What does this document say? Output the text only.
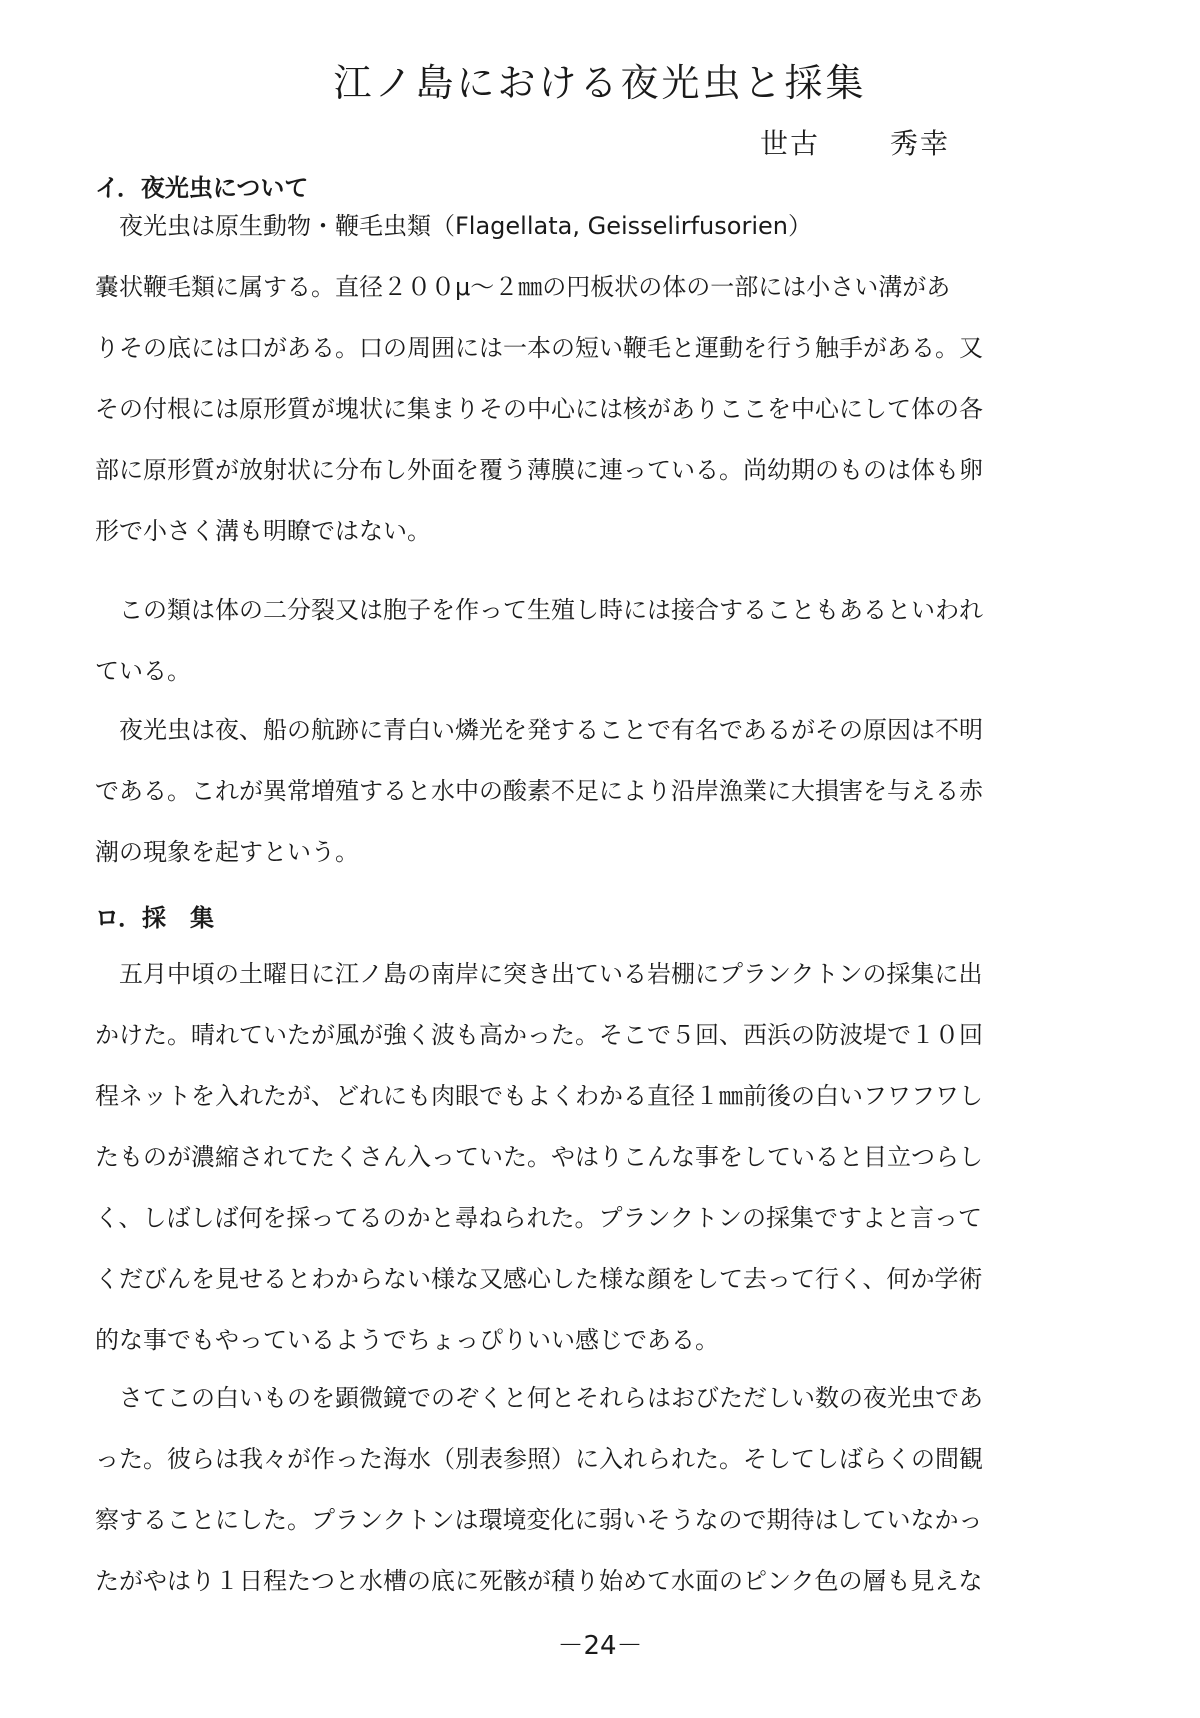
江ノ島における夜光虫と採集
世古	秀幸
イ．夜光虫について
夜光虫は原生動物・鞭毛虫類（Flagellata, Geisselirfusorien）
嚢状鞭毛類に属する。直径２００μ～２㎜の円板状の体の一部には小さい溝があ
りその底には口がある。口の周囲には一本の短い鞭毛と運動を行う触手がある。又
その付根には原形質が塊状に集まりその中心には核がありここを中心にして体の各
部に原形質が放射状に分布し外面を覆う薄膜に連っている。尚幼期のものは体も卵
形で小さく溝も明瞭ではない。
この類は体の二分裂又は胞子を作って生殖し時には接合することもあるといわれ
ている。
夜光虫は夜、船の航跡に青白い燐光を発することで有名であるがその原因は不明
である。これが異常増殖すると水中の酸素不足により沿岸漁業に大損害を与える赤
潮の現象を起すという。
ロ．採　集
五月中頃の土曜日に江ノ島の南岸に突き出ている岩棚にプランクトンの採集に出
かけた。晴れていたが風が強く波も高かった。そこで５回、西浜の防波堤で１０回
程ネットを入れたが、どれにも肉眼でもよくわかる直径１㎜前後の白いフワフワし
たものが濃縮されてたくさん入っていた。やはりこんな事をしていると目立つらし
く、しばしば何を採ってるのかと尋ねられた。プランクトンの採集ですよと言って
くだびんを見せるとわからない様な又感心した様な顔をして去って行く、何か学術
的な事でもやっているようでちょっぴりいい感じである。
さてこの白いものを顕微鏡でのぞくと何とそれらはおびただしい数の夜光虫であ
った。彼らは我々が作った海水（別表参照）に入れられた。そしてしばらくの間観
察することにした。プランクトンは環境変化に弱いそうなので期待はしていなかっ
たがやはり１日程たつと水槽の底に死骸が積り始めて水面のピンク色の層も見えな
－24－
